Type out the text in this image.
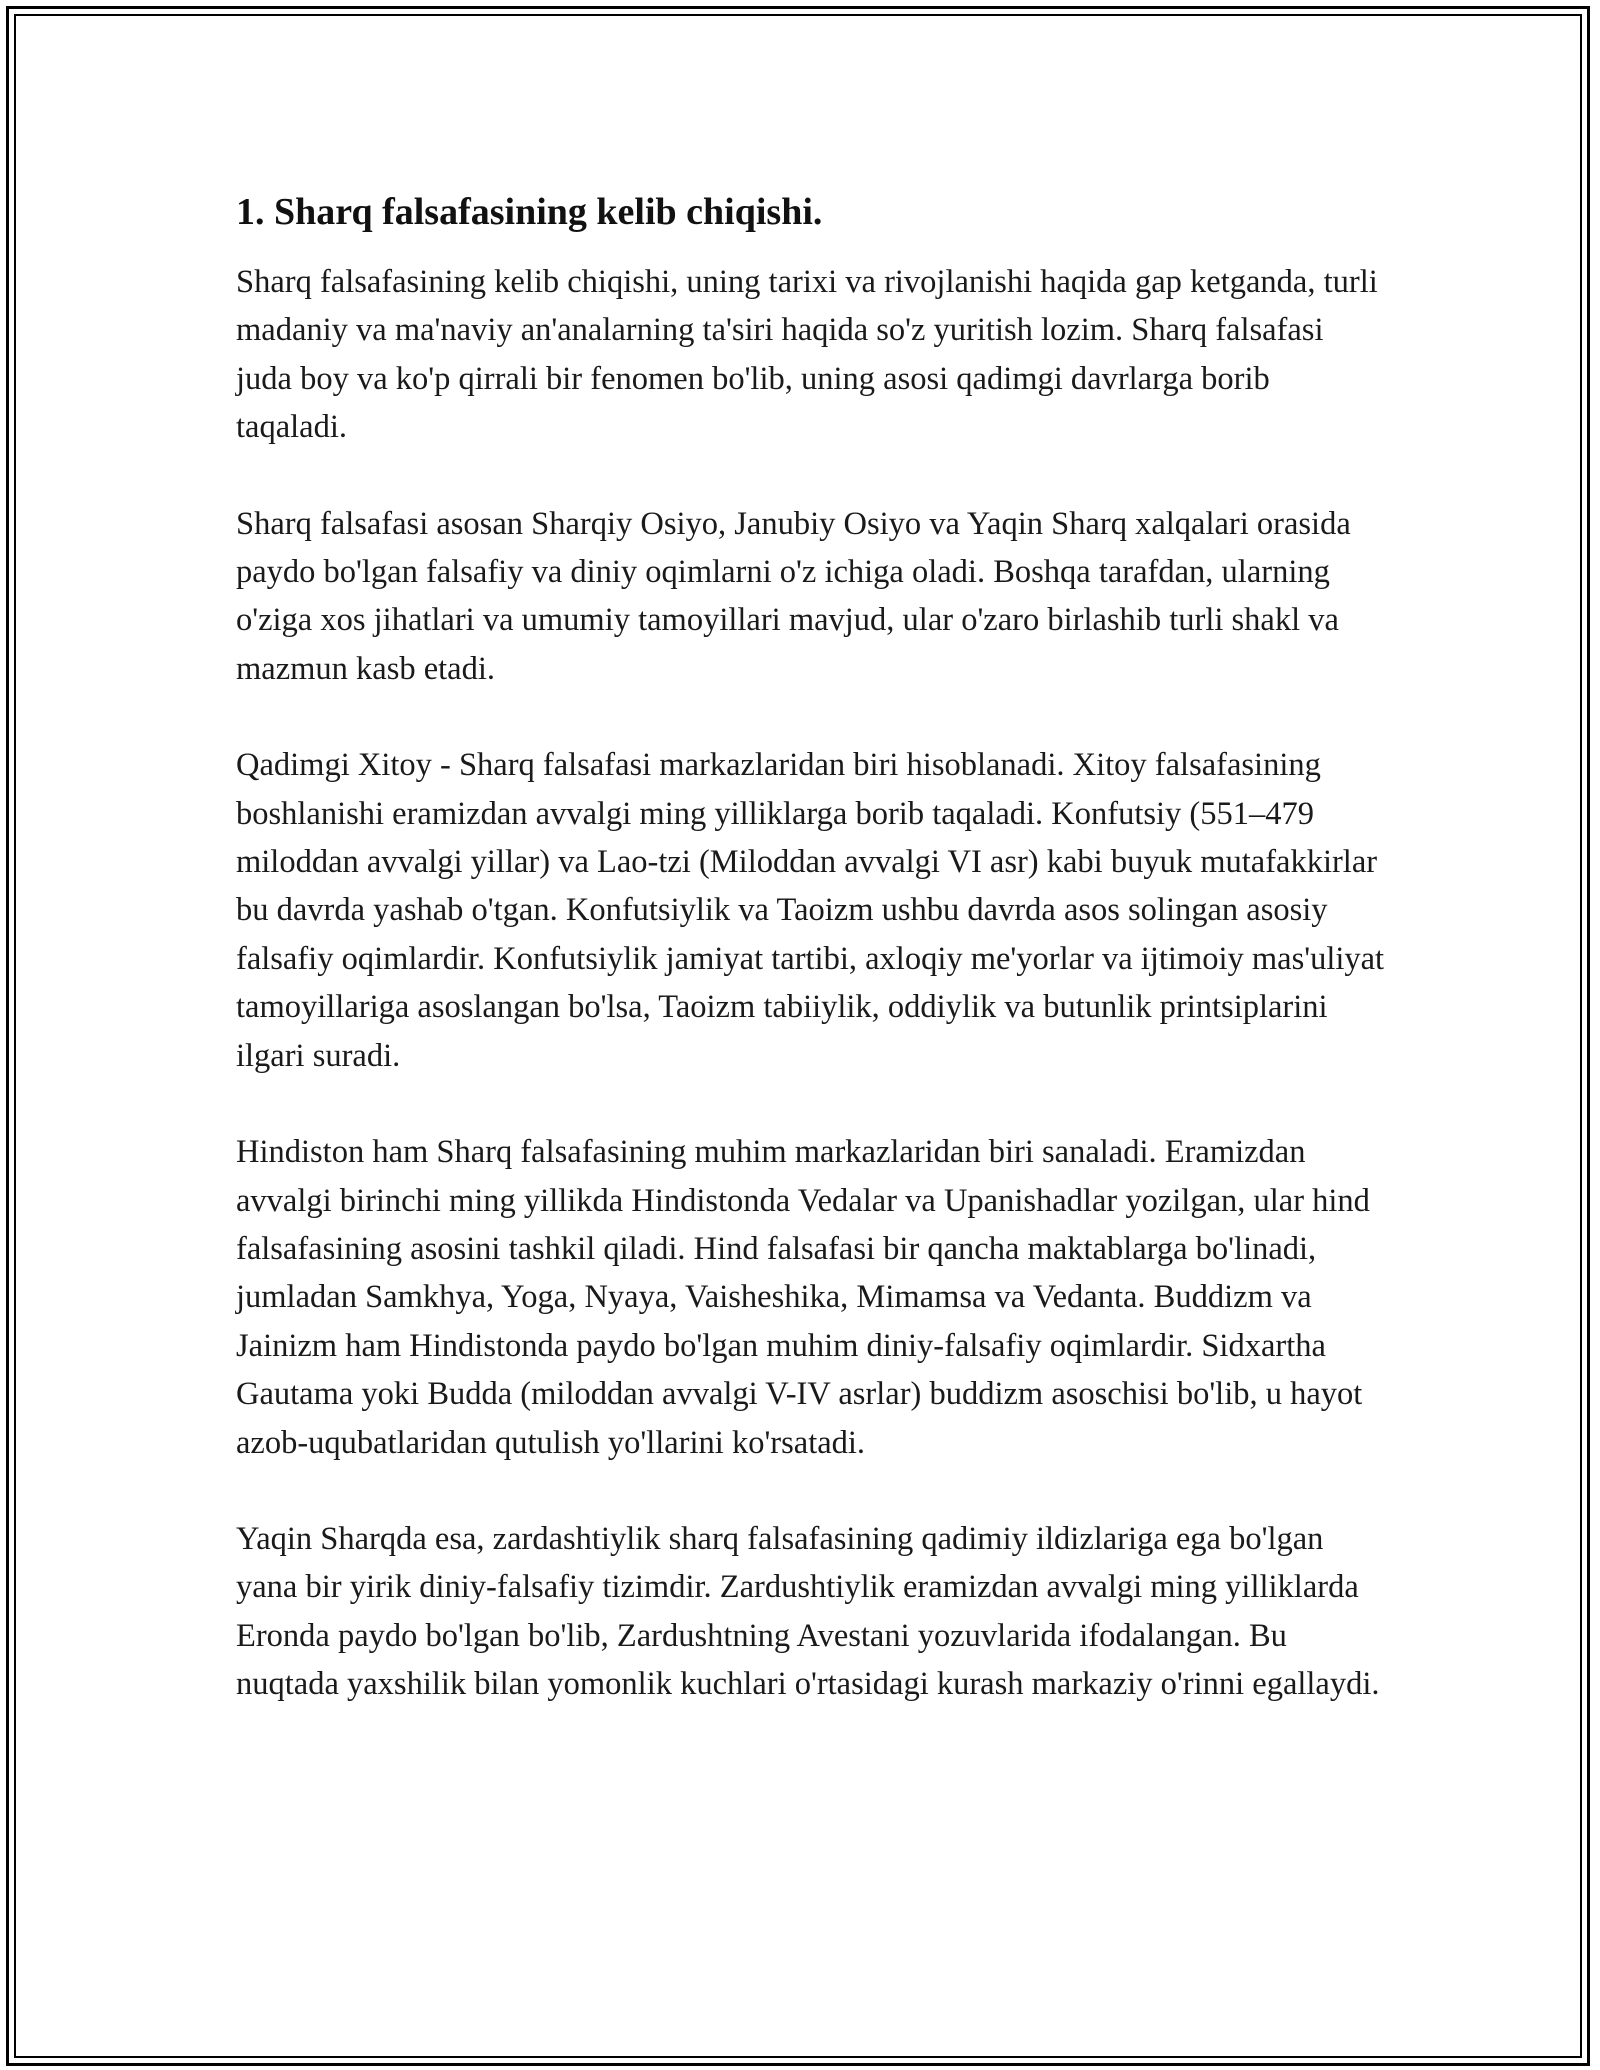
1. Sharq falsafasining kelib chiqishi.

Sharq falsafasining kelib chiqishi, uning tarixi va rivojlanishi haqida gap ketganda, turli madaniy va ma'naviy an'analarning ta'siri haqida so'z yuritish lozim. Sharq falsafasi juda boy va ko'p qirrali bir fenomen bo'lib, uning asosi qadimgi davrlarga borib taqaladi.

Sharq falsafasi asosan Sharqiy Osiyo, Janubiy Osiyo va Yaqin Sharq xalqalari orasida paydo bo'lgan falsafiy va diniy oqimlarni o'z ichiga oladi. Boshqa tarafdan, ularning o'ziga xos jihatlari va umumiy tamoyillari mavjud, ular o'zaro birlashib turli shakl va mazmun kasb etadi.

Qadimgi Xitoy - Sharq falsafasi markazlaridan biri hisoblanadi. Xitoy falsafasining boshlanishi eramizdan avvalgi ming yilliklarga borib taqaladi. Konfutsiy (551–479 miloddan avvalgi yillar) va Lao-tzi (Miloddan avvalgi VI asr) kabi buyuk mutafakkirlar bu davrda yashab o'tgan. Konfutsiylik va Taoizm ushbu davrda asos solingan asosiy falsafiy oqimlardir. Konfutsiylik jamiyat tartibi, axloqiy me'yorlar va ijtimoiy mas'uliyat tamoyillariga asoslangan bo'lsa, Taoizm tabiiylik, oddiylik va butunlik printsiplarini ilgari suradi.

Hindiston ham Sharq falsafasining muhim markazlaridan biri sanaladi. Eramizdan avvalgi birinchi ming yillikda Hindistonda Vedalar va Upanishadlar yozilgan, ular hind falsafasining asosini tashkil qiladi. Hind falsafasi bir qancha maktablarga bo'linadi, jumladan Samkhya, Yoga, Nyaya, Vaisheshika, Mimamsa va Vedanta. Buddizm va Jainizm ham Hindistonda paydo bo'lgan muhim diniy-falsafiy oqimlardir. Sidxartha Gautama yoki Budda (miloddan avvalgi V-IV asrlar) buddizm asoschisi bo'lib, u hayot azob-uqubatlaridan qutulish yo'llarini ko'rsatadi.

Yaqin Sharqda esa, zardashtiylik sharq falsafasining qadimiy ildizlariga ega bo'lgan yana bir yirik diniy-falsafiy tizimdir. Zardushtiylik eramizdan avvalgi ming yilliklarda Eronda paydo bo'lgan bo'lib, Zardushtning Avestani yozuvlarida ifodalangan. Bu nuqtada yaxshilik bilan yomonlik kuchlari o'rtasidagi kurash markaziy o'rinni egallaydi.
